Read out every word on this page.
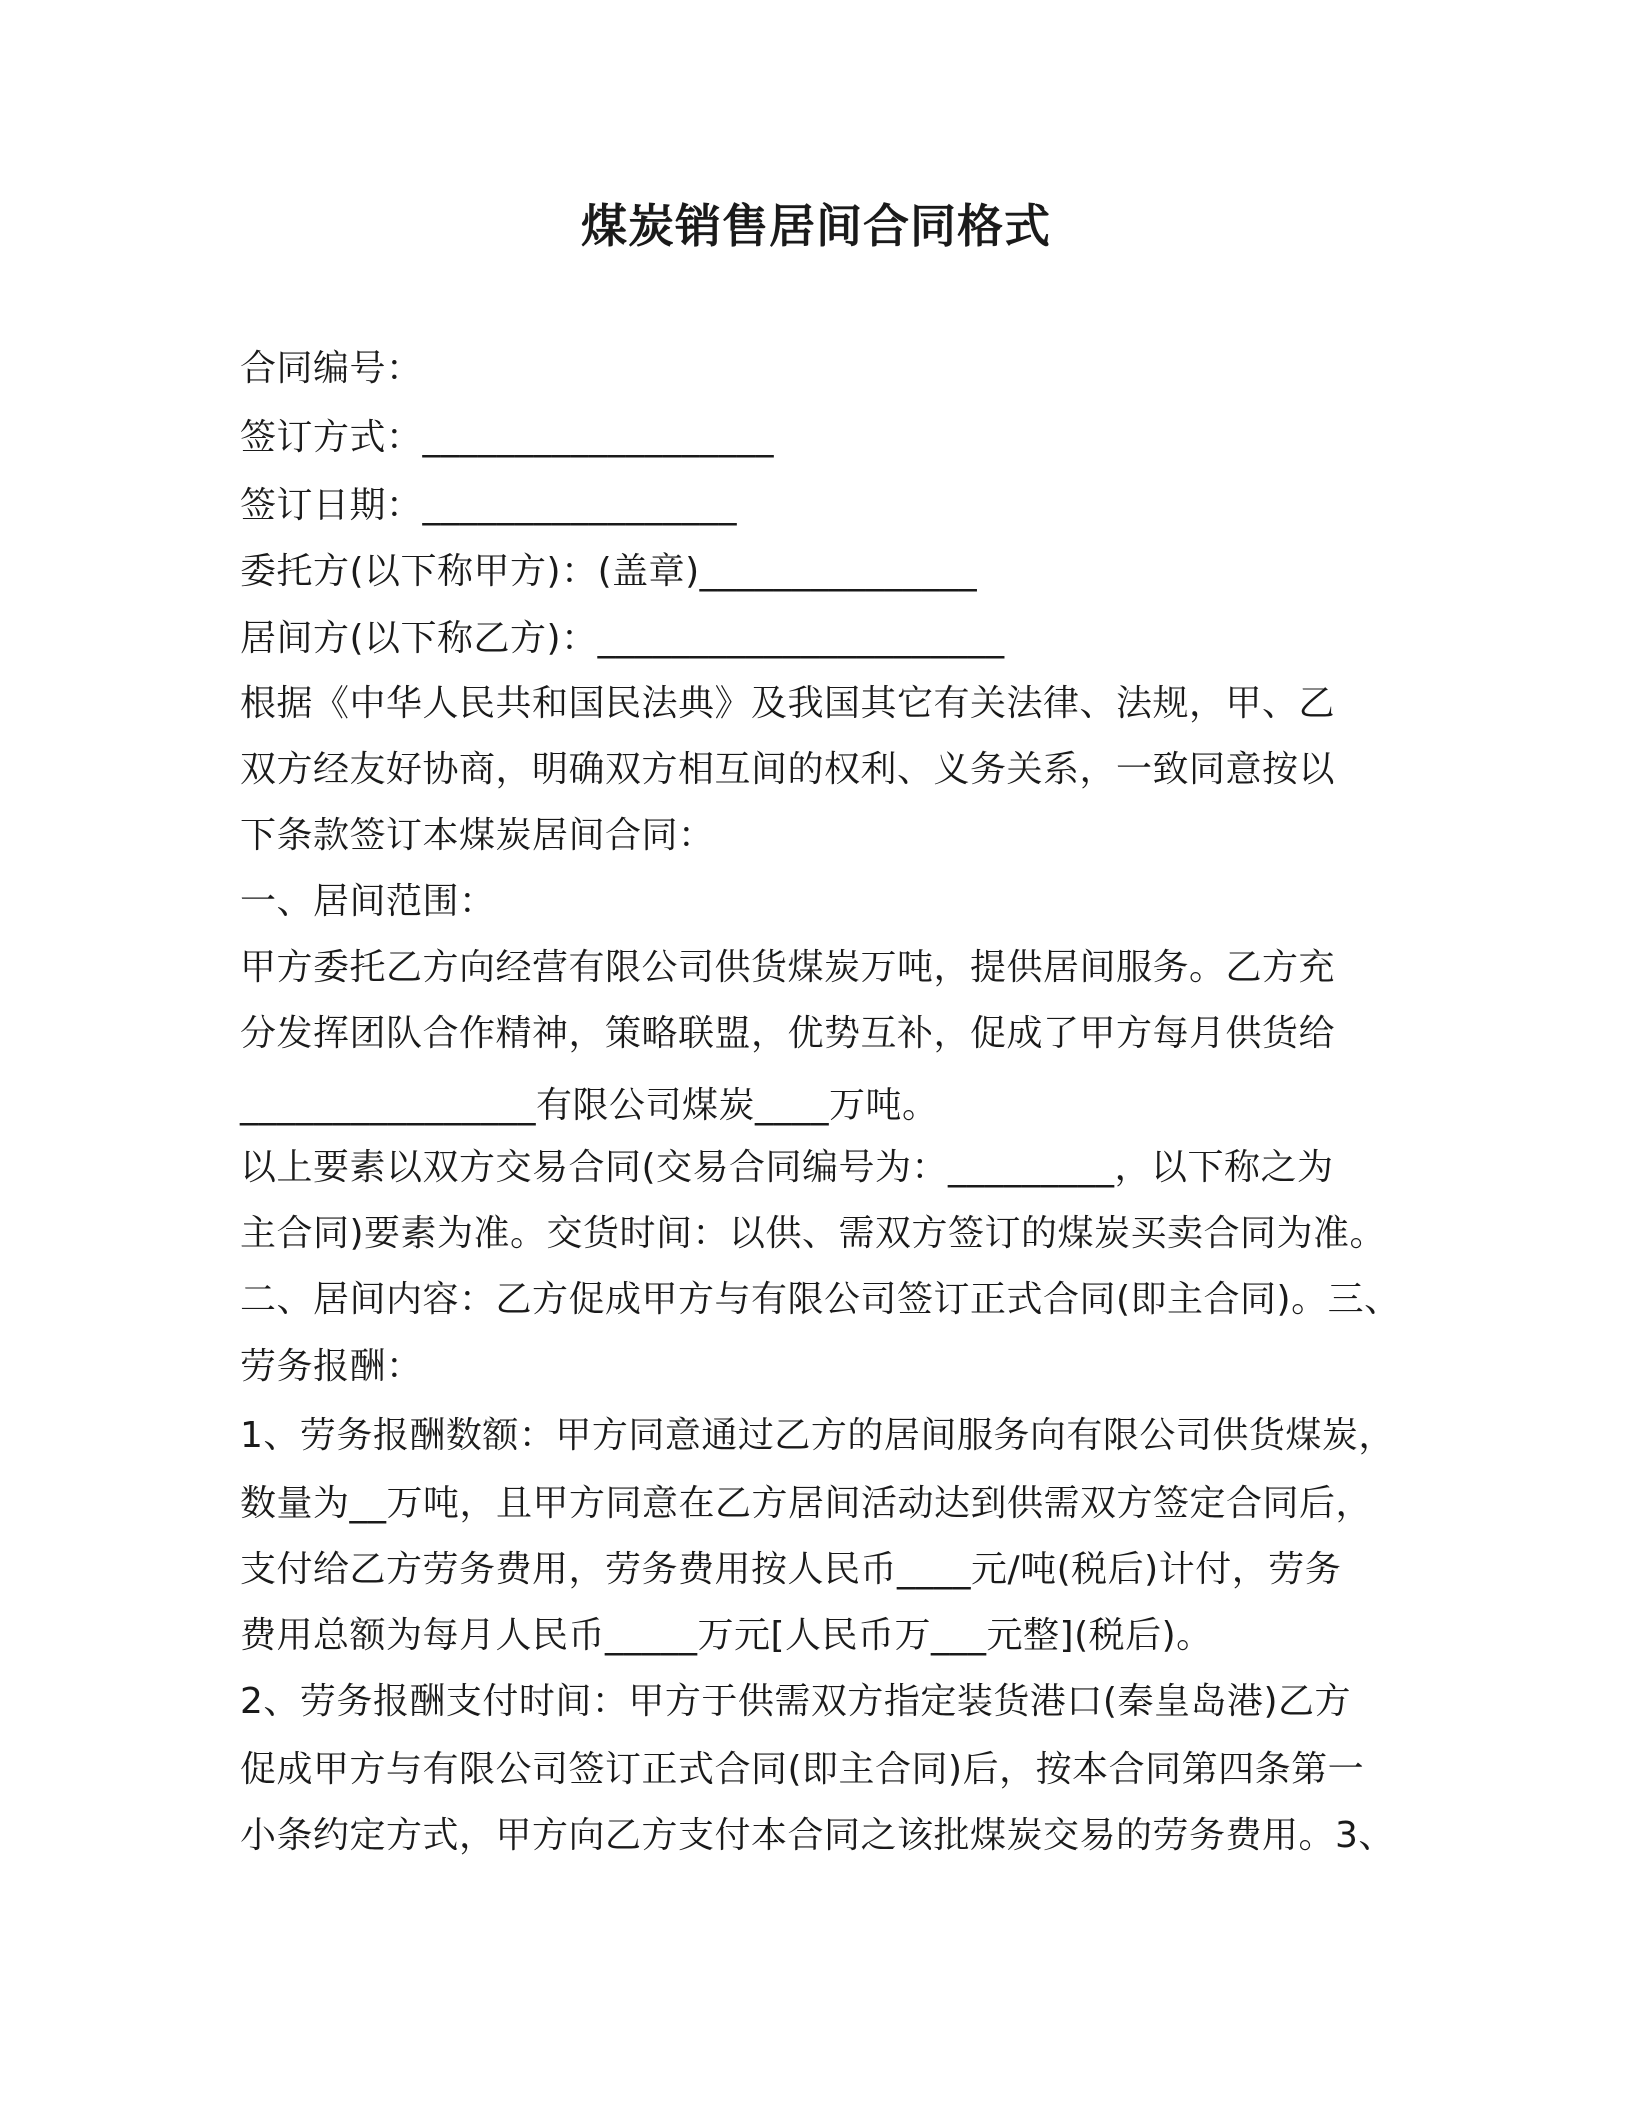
煤炭销售居间合同格式
合同编号：
签订方式：___________________
签订日期：_________________
委托方(以下称甲方)：(盖章)_______________
居间方(以下称乙方)：______________________
根据《中华人民共和国民法典》及我国其它有关法律、法规，甲、乙
双方经友好协商，明确双方相互间的权利、义务关系，一致同意按以
下条款签订本煤炭居间合同：
一、居间范围：
甲方委托乙方向经营有限公司供货煤炭万吨，提供居间服务。乙方充
分发挥团队合作精神，策略联盟，优势互补，促成了甲方每月供货给
________________有限公司煤炭____万吨。
以上要素以双方交易合同(交易合同编号为：_________，以下称之为
主合同)要素为准。交货时间：以供、需双方签订的煤炭买卖合同为准。
二、居间内容：乙方促成甲方与有限公司签订正式合同(即主合同)。三、
劳务报酬：
1、劳务报酬数额：甲方同意通过乙方的居间服务向有限公司供货煤炭，
数量为__万吨，且甲方同意在乙方居间活动达到供需双方签定合同后，
支付给乙方劳务费用，劳务费用按人民币____元/吨(税后)计付，劳务
费用总额为每月人民币_____万元[人民币万___元整](税后)。
2、劳务报酬支付时间：甲方于供需双方指定装货港口(秦皇岛港)乙方
促成甲方与有限公司签订正式合同(即主合同)后，按本合同第四条第一
小条约定方式，甲方向乙方支付本合同之该批煤炭交易的劳务费用。3、
